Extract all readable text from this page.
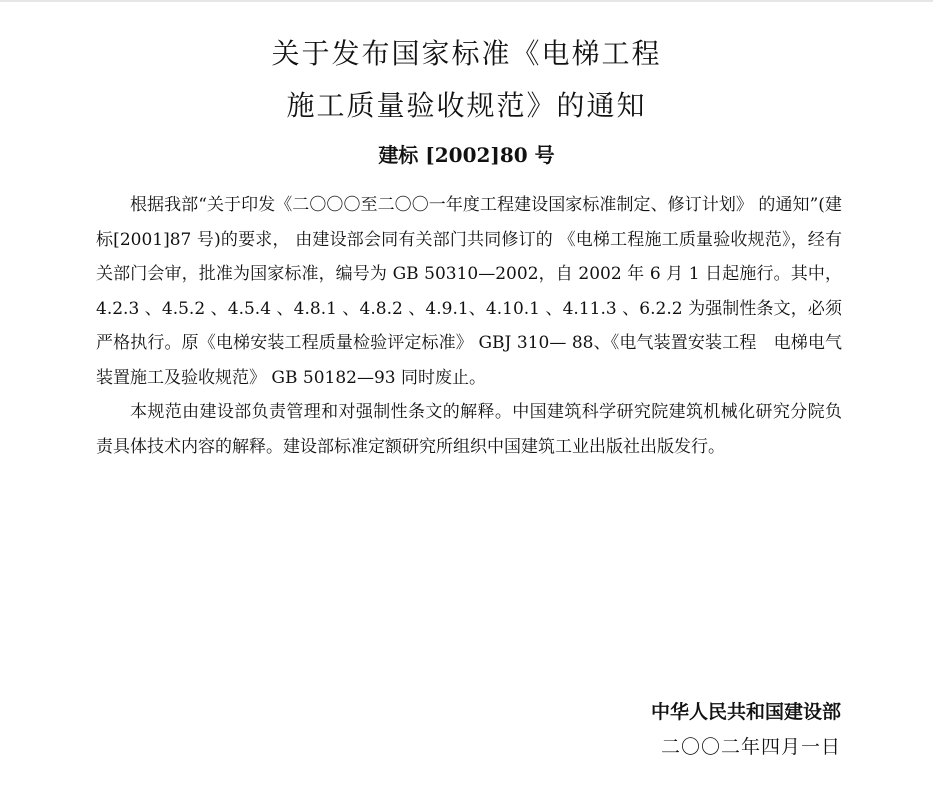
关于发布国家标准《电梯工程
施工质量验收规范》的通知
建标 [2002]80 号

根据我部“关于印发《二〇〇〇至二〇〇一年度工程建设国家标准制定、修订计划》 的通知”(建标[2001]87 号)的要求， 由建设部会同有关部门共同修订的 《电梯工程施工质量验收规范》，经有关部门会审，批准为国家标准，编号为 GB 50310—2002，自 2002 年 6 月 1 日起施行。其中， 4.2.3 、4.5.2 、4.5.4 、4.8.1 、4.8.2 、4.9.1、4.10.1 、4.11.3 、6.2.2 为强制性条文，必须严格执行。原《电梯安装工程质量检验评定标准》 GBJ 310— 88、《电气装置安装工程　电梯电气装置施工及验收规范》 GB 50182—93 同时废止。

本规范由建设部负责管理和对强制性条文的解释。中国建筑科学研究院建筑机械化研究分院负责具体技术内容的解释。建设部标准定额研究所组织中国建筑工业出版社出版发行。

中华人民共和国建设部
二〇〇二年四月一日
